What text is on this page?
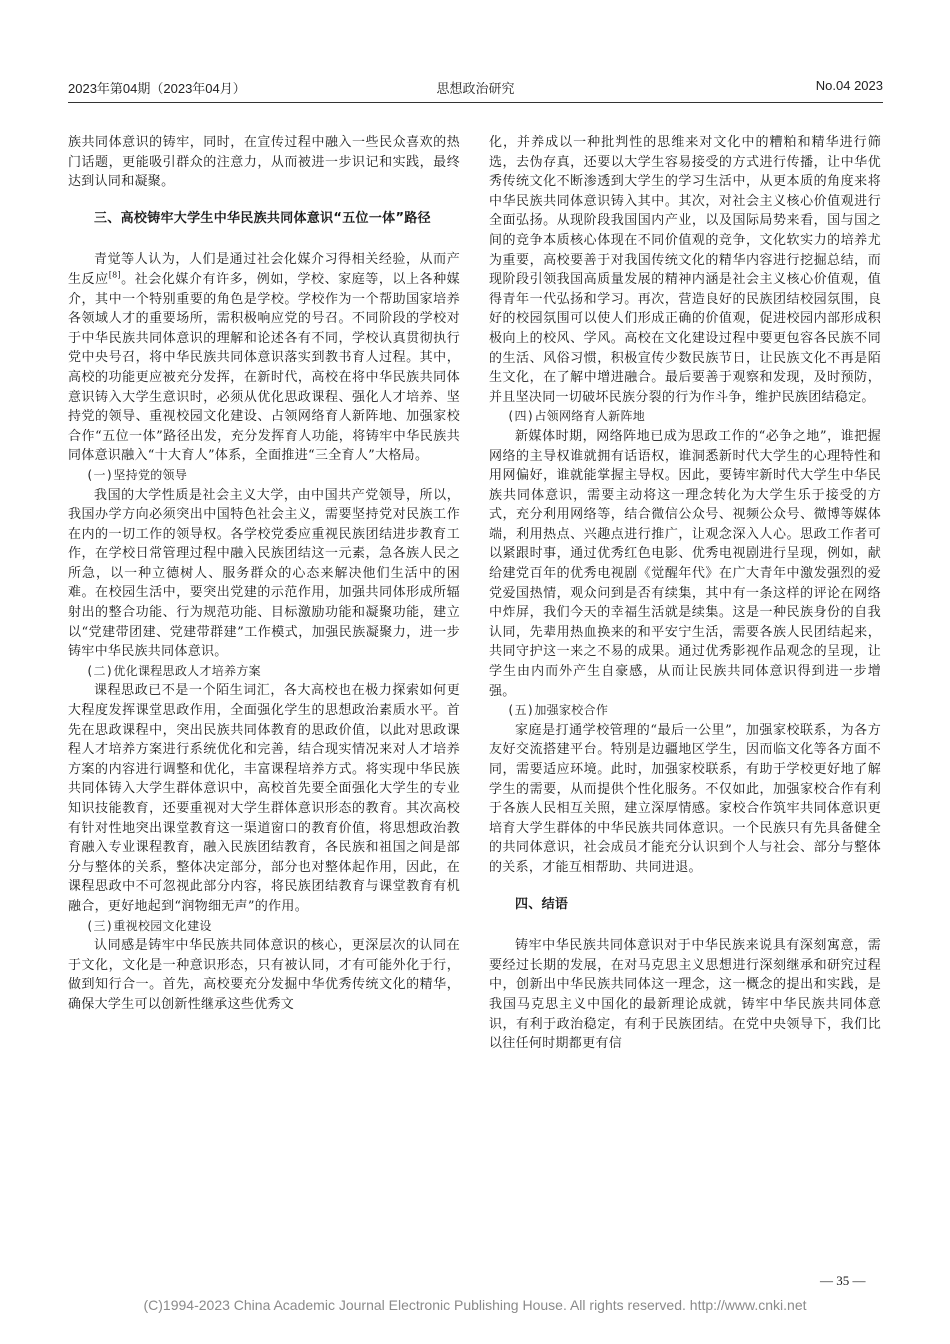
2023年第04期（2023年04月）	思想政治研究	No.04 2023

族共同体意识的铸牢，同时，在宣传过程中融入一些民众喜欢的热门话题，更能吸引群众的注意力，从而被进一步识记和实践，最终达到认同和凝聚。

三、高校铸牢大学生中华民族共同体意识“五位一体”路径

青觉等人认为，人们是通过社会化媒介习得相关经验，从而产生反应[8]。社会化媒介有许多，例如，学校、家庭等，以上各种媒介，其中一个特别重要的角色是学校。学校作为一个帮助国家培养各领域人才的重要场所，需积极响应党的号召。不同阶段的学校对于中华民族共同体意识的理解和论述各有不同，学校认真贯彻执行党中央号召，将中华民族共同体意识落实到教书育人过程。其中，高校的功能更应被充分发挥，在新时代，高校在将中华民族共同体意识铸入大学生意识时，必须从优化思政课程、强化人才培养、坚持党的领导、重视校园文化建设、占领网络育人新阵地、加强家校合作“五位一体”路径出发，充分发挥育人功能，将铸牢中华民族共同体意识融入“十大育人”体系，全面推进“三全育人”大格局。

(一)坚持党的领导

我国的大学性质是社会主义大学，由中国共产党领导，所以，我国办学方向必须突出中国特色社会主义，需要坚持党对民族工作在内的一切工作的领导权。各学校党委应重视民族团结进步教育工作，在学校日常管理过程中融入民族团结这一元素，急各族人民之所急，以一种立德树人、服务群众的心态来解决他们生活中的困难。在校园生活中，要突出党建的示范作用，加强共同体形成所辐射出的整合功能、行为规范功能、目标激励功能和凝聚功能，建立以“党建带团建、党建带群建”工作模式，加强民族凝聚力，进一步铸牢中华民族共同体意识。

(二)优化课程思政人才培养方案

课程思政已不是一个陌生词汇，各大高校也在极力探索如何更大程度发挥课堂思政作用，全面强化学生的思想政治素质水平。首先在思政课程中，突出民族共同体教育的思政价值，以此对思政课程人才培养方案进行系统优化和完善，结合现实情况来对人才培养方案的内容进行调整和优化，丰富课程培养方式。将实现中华民族共同体铸入大学生群体意识中，高校首先要全面强化大学生的专业知识技能教育，还要重视对大学生群体意识形态的教育。其次高校有针对性地突出课堂教育这一渠道窗口的教育价值，将思想政治教育融入专业课程教育，融入民族团结教育，各民族和祖国之间是部分与整体的关系，整体决定部分，部分也对整体起作用，因此，在课程思政中不可忽视此部分内容，将民族团结教育与课堂教育有机融合，更好地起到“润物细无声”的作用。

(三)重视校园文化建设

认同感是铸牢中华民族共同体意识的核心，更深层次的认同在于文化，文化是一种意识形态，只有被认同，才有可能外化于行，做到知行合一。首先，高校要充分发掘中华优秀传统文化的精华，确保大学生可以创新性继承这些优秀文

化，并养成以一种批判性的思维来对文化中的糟粕和精华进行筛选，去伪存真，还要以大学生容易接受的方式进行传播，让中华优秀传统文化不断渗透到大学生的学习生活中，从更本质的角度来将中华民族共同体意识铸入其中。其次，对社会主义核心价值观进行全面弘扬。从现阶段我国国内产业，以及国际局势来看，国与国之间的竞争本质核心体现在不同价值观的竞争，文化软实力的培养尤为重要，高校要善于对我国传统文化的精华内容进行挖掘总结，而现阶段引领我国高质量发展的精神内涵是社会主义核心价值观，值得青年一代弘扬和学习。再次，营造良好的民族团结校园氛围，良好的校园氛围可以使人们形成正确的价值观，促进校园内部形成积极向上的校风、学风。高校在文化建设过程中要更包容各民族不同的生活、风俗习惯，积极宣传少数民族节日，让民族文化不再是陌生文化，在了解中增进融合。最后要善于观察和发现，及时预防，并且坚决同一切破坏民族分裂的行为作斗争，维护民族团结稳定。

(四)占领网络育人新阵地

新媒体时期，网络阵地已成为思政工作的“必争之地”，谁把握网络的主导权谁就拥有话语权，谁洞悉新时代大学生的心理特性和用网偏好，谁就能掌握主导权。因此，要铸牢新时代大学生中华民族共同体意识，需要主动将这一理念转化为大学生乐于接受的方式，充分利用网络等，结合微信公众号、视频公众号、微博等媒体端，利用热点、兴趣点进行推广，让观念深入人心。思政工作者可以紧跟时事，通过优秀红色电影、优秀电视剧进行呈现，例如，献给建党百年的优秀电视剧《觉醒年代》在广大青年中激发强烈的爱党爱国热情，观众问到是否有续集，其中有一条这样的评论在网络中炸屏，我们今天的幸福生活就是续集。这是一种民族身份的自我认同，先辈用热血换来的和平安宁生活，需要各族人民团结起来，共同守护这一来之不易的成果。通过优秀影视作品观念的呈现，让学生由内而外产生自豪感，从而让民族共同体意识得到进一步增强。

(五)加强家校合作

家庭是打通学校管理的“最后一公里”，加强家校联系，为各方友好交流搭建平台。特别是边疆地区学生，因而临文化等各方面不同，需要适应环境。此时，加强家校联系，有助于学校更好地了解学生的需要，从而提供个性化服务。不仅如此，加强家校合作有利于各族人民相互关照，建立深厚情感。家校合作筑牢共同体意识更培育大学生群体的中华民族共同体意识。一个民族只有先具备健全的共同体意识，社会成员才能充分认识到个人与社会、部分与整体的关系，才能互相帮助、共同进退。

四、结语

铸牢中华民族共同体意识对于中华民族来说具有深刻寓意，需要经过长期的发展，在对马克思主义思想进行深刻继承和研究过程中，创新出中华民族共同体这一理念，这一概念的提出和实践，是我国马克思主义中国化的最新理论成就，铸牢中华民族共同体意识，有利于政治稳定，有利于民族团结。在党中央领导下，我们比以往任何时期都更有信

— 35 —
(C)1994-2023 China Academic Journal Electronic Publishing House. All rights reserved. http://www.cnki.net
